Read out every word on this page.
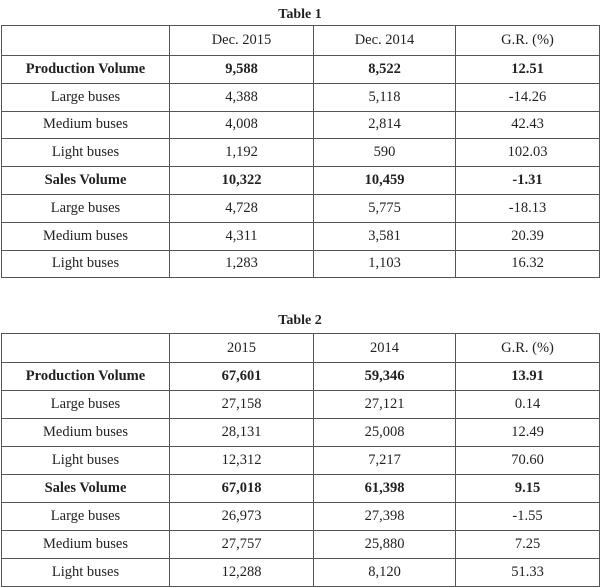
Table 1
	Dec. 2015	Dec. 2014	G.R. (%)
Production Volume	9,588	8,522	12.51
Large buses	4,388	5,118	-14.26
Medium buses	4,008	2,814	42.43
Light buses	1,192	590	102.03
Sales Volume	10,322	10,459	-1.31
Large buses	4,728	5,775	-18.13
Medium buses	4,311	3,581	20.39
Light buses	1,283	1,103	16.32
Table 2
	2015	2014	G.R. (%)
Production Volume	67,601	59,346	13.91
Large buses	27,158	27,121	0.14
Medium buses	28,131	25,008	12.49
Light buses	12,312	7,217	70.60
Sales Volume	67,018	61,398	9.15
Large buses	26,973	27,398	-1.55
Medium buses	27,757	25,880	7.25
Light buses	12,288	8,120	51.33
